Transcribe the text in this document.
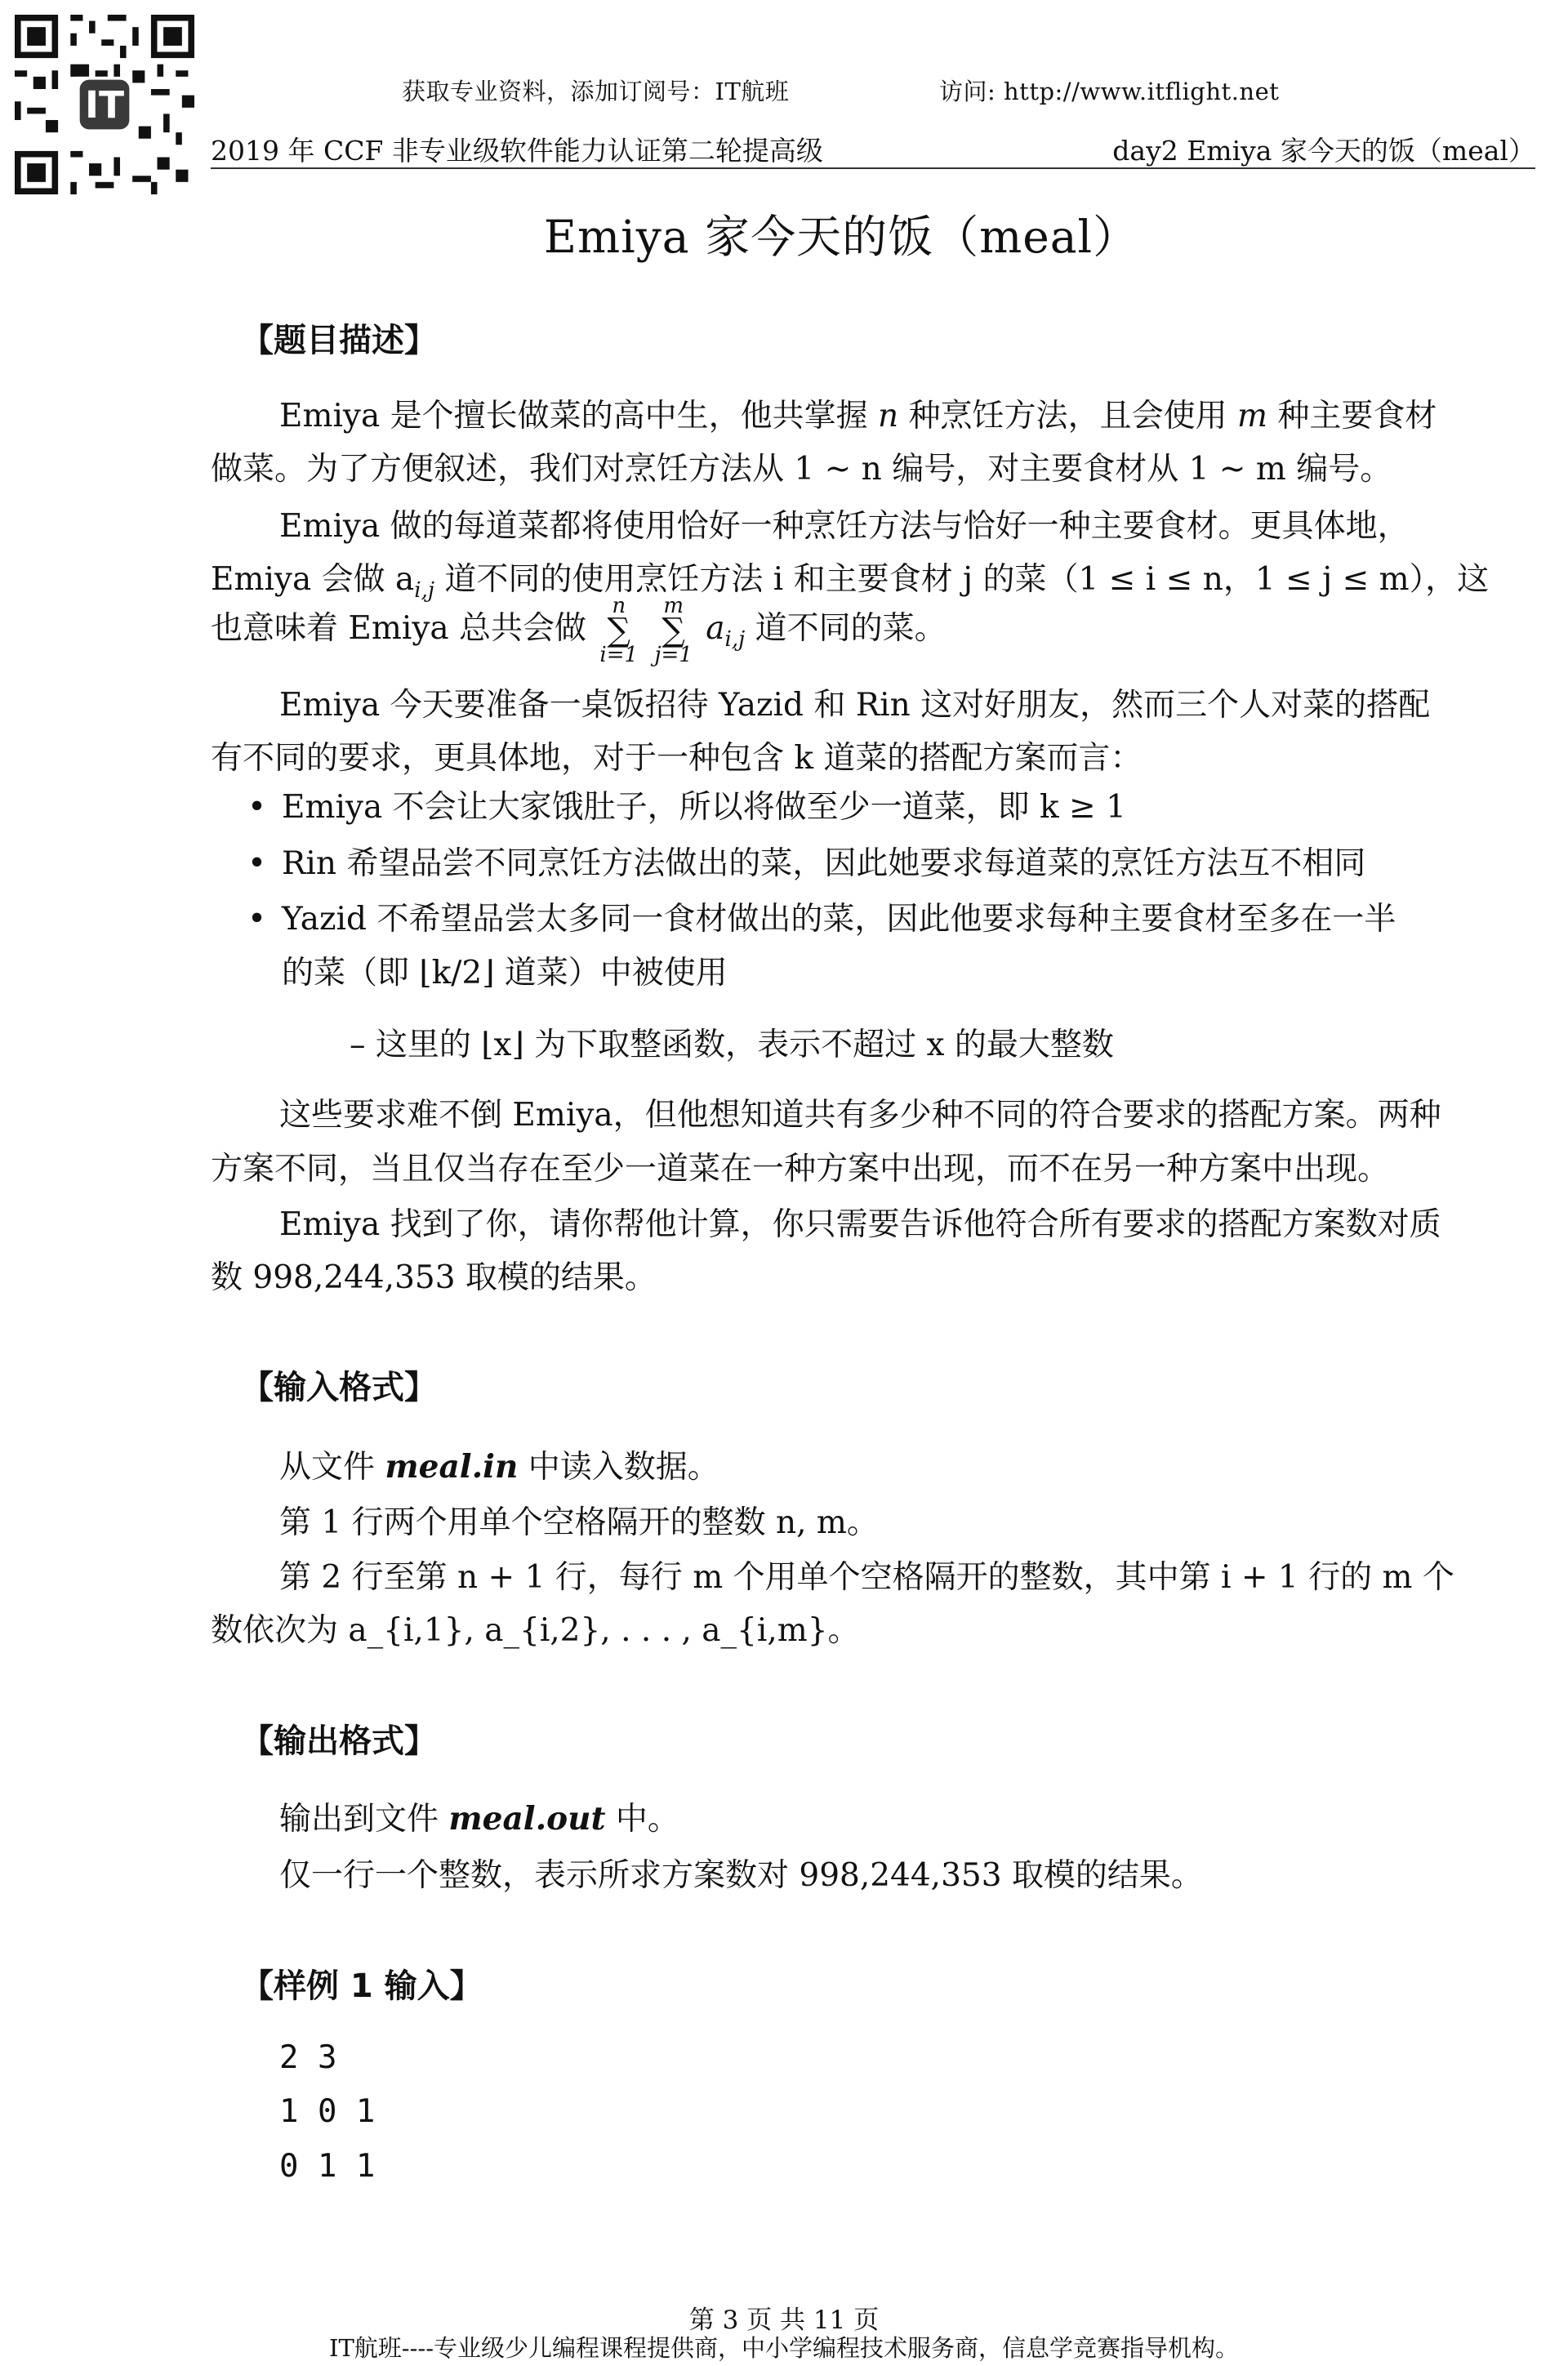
IT	获取专业资料，添加订阅号：IT航班	访问: http://www.itflight.net
2019 年 CCF 非专业级软件能力认证第二轮提高级	day2 Emiya 家今天的饭（meal）
Emiya 家今天的饭（meal）
【题目描述】
Emiya 是个擅长做菜的高中生，他共掌握 n 种烹饪方法，且会使用 m 种主要食材
做菜。为了方便叙述，我们对烹饪方法从 1 ~ n 编号，对主要食材从 1 ~ m 编号。
Emiya 做的每道菜都将使用恰好一种烹饪方法与恰好一种主要食材。更具体地，
Emiya 会做 $a_{i,j}$ 道不同的使用烹饪方法 i 和主要食材 j 的菜（1 ≤ i ≤ n，1 ≤ j ≤ m），这
也意味着 Emiya 总共会做 n
∑
i=1 m
∑
j=1 $a_{i,j}$ 道不同的菜。
Emiya 今天要准备一桌饭招待 Yazid 和 Rin 这对好朋友，然而三个人对菜的搭配
有不同的要求，更具体地，对于一种包含 k 道菜的搭配方案而言：
• Emiya 不会让大家饿肚子，所以将做至少一道菜，即 k ≥ 1
• Rin 希望品尝不同烹饪方法做出的菜，因此她要求每道菜的烹饪方法互不相同
• Yazid 不希望品尝太多同一食材做出的菜，因此他要求每种主要食材至多在一半
的菜（即 ⌊k/2⌋ 道菜）中被使用
– 这里的 ⌊x⌋ 为下取整函数，表示不超过 x 的最大整数
这些要求难不倒 Emiya，但他想知道共有多少种不同的符合要求的搭配方案。两种
方案不同，当且仅当存在至少一道菜在一种方案中出现，而不在另一种方案中出现。
Emiya 找到了你，请你帮他计算，你只需要告诉他符合所有要求的搭配方案数对质
数 998,244,353 取模的结果。
【输入格式】
从文件 meal.in 中读入数据。
第 1 行两个用单个空格隔开的整数 n, m。
第 2 行至第 n + 1 行，每行 m 个用单个空格隔开的整数，其中第 i + 1 行的 m 个
数依次为 a_{i,1}, a_{i,2}, . . . , a_{i,m}。
【输出格式】
输出到文件 meal.out 中。
仅一行一个整数，表示所求方案数对 998,244,353 取模的结果。
【样例 1 输入】
2 3
1 0 1
0 1 1
第 3 页 共 11 页
IT航班----专业级少儿编程课程提供商，中小学编程技术服务商，信息学竞赛指导机构。
